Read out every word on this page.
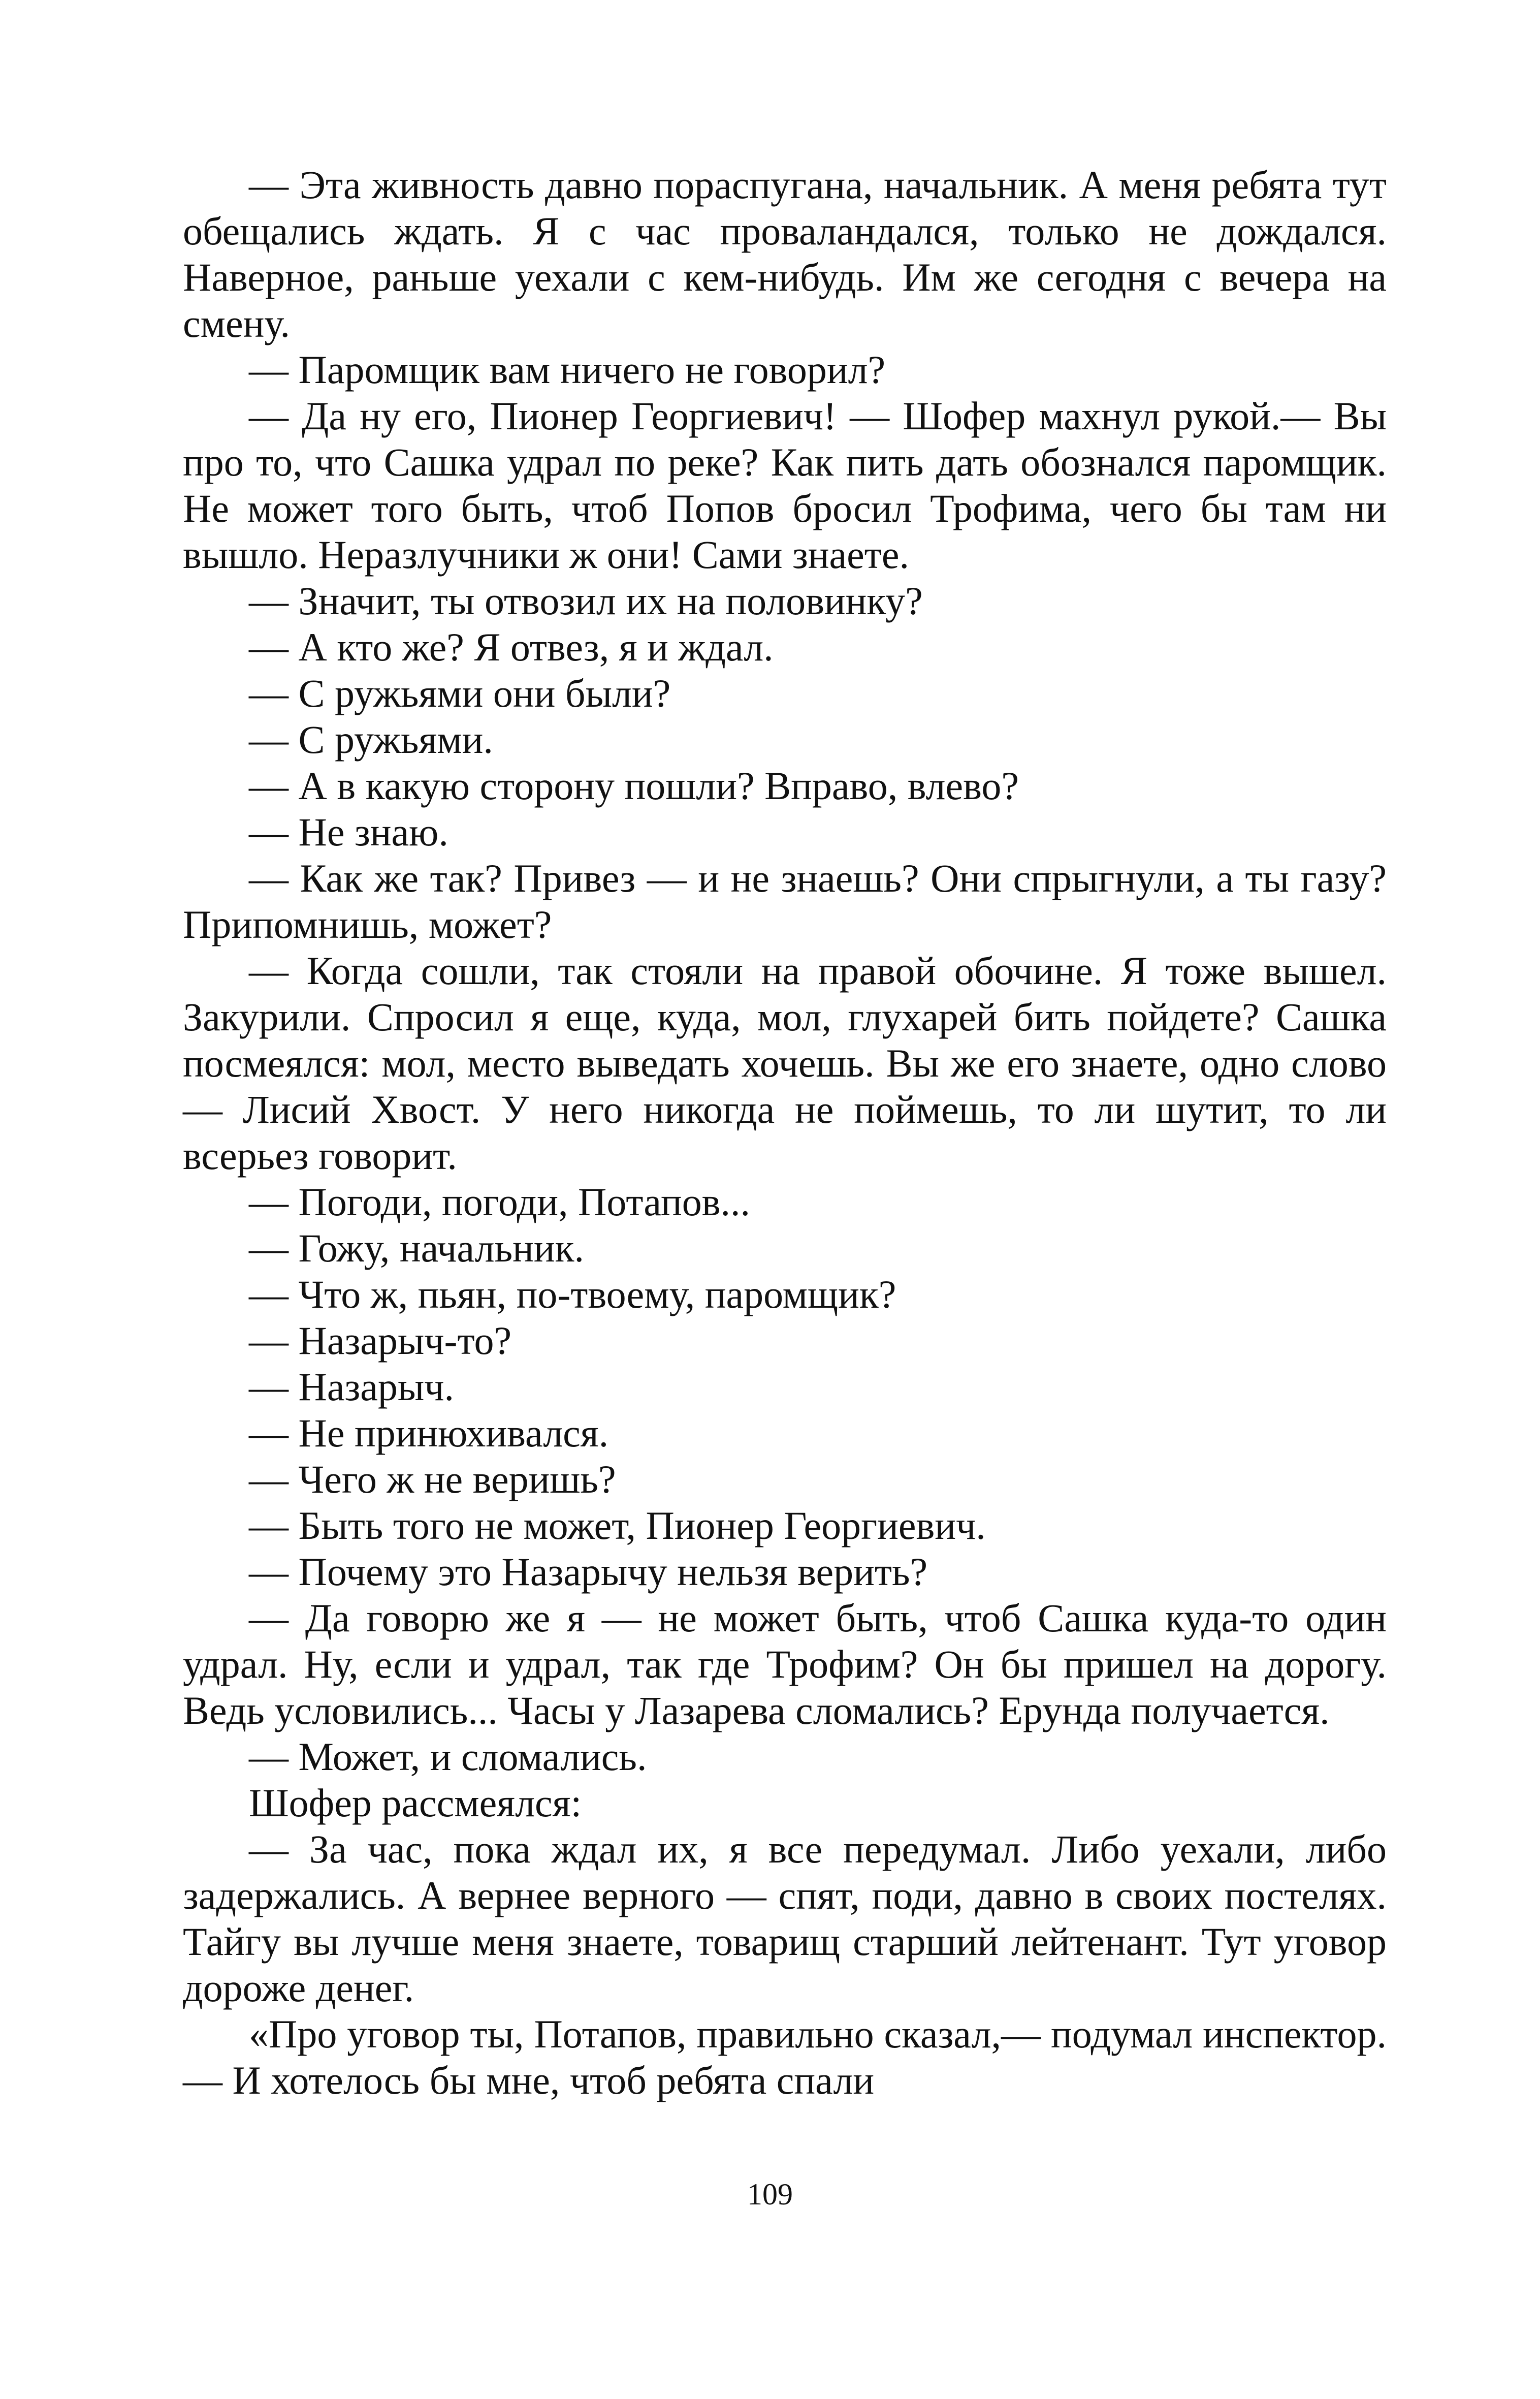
— Эта живность давно пораспугана, начальник. А меня ребята тут обещались ждать. Я с час проваландался, только не дождался. Наверное, раньше уехали с кем-нибудь. Им же сегодня с вечера на смену.

— Паромщик вам ничего не говорил?

— Да ну его, Пионер Георгиевич! — Шофер махнул рукой.— Вы про то, что Сашка удрал по реке? Как пить дать обознался паромщик. Не может того быть, чтоб Попов бросил Трофима, чего бы там ни вышло. Неразлучники ж они! Сами знаете.

— Значит, ты отвозил их на половинку?

— А кто же? Я отвез, я и ждал.

— С ружьями они были?

— С ружьями.

— А в какую сторону пошли? Вправо, влево?

— Не знаю.

— Как же так? Привез — и не знаешь? Они спрыгнули, а ты газу? Припомнишь, может?

— Когда сошли, так стояли на правой обочине. Я тоже вышел. Закурили. Спросил я еще, куда, мол, глухарей бить пойдете? Сашка посмеялся: мол, место выведать хочешь. Вы же его знаете, одно слово — Лисий Хвост. У него никогда не поймешь, то ли шутит, то ли всерьез говорит.

— Погоди, погоди, Потапов...

— Гожу, начальник.

— Что ж, пьян, по-твоему, паромщик?

— Назарыч-то?

— Назарыч.

— Не принюхивался.

— Чего ж не веришь?

— Быть того не может, Пионер Георгиевич.

— Почему это Назарычу нельзя верить?

— Да говорю же я — не может быть, чтоб Сашка куда-то один удрал. Ну, если и удрал, так где Трофим? Он бы пришел на дорогу. Ведь условились... Часы у Лазарева сломались? Ерунда получается.

— Может, и сломались.

Шофер рассмеялся:

— За час, пока ждал их, я все передумал. Либо уехали, либо задержались. А вернее верного — спят, поди, давно в своих постелях. Тайгу вы лучше меня знаете, товарищ старший лейтенант. Тут уговор дороже денег.

«Про уговор ты, Потапов, правильно сказал,— подумал инспектор.— И хотелось бы мне, чтоб ребята спали

109
